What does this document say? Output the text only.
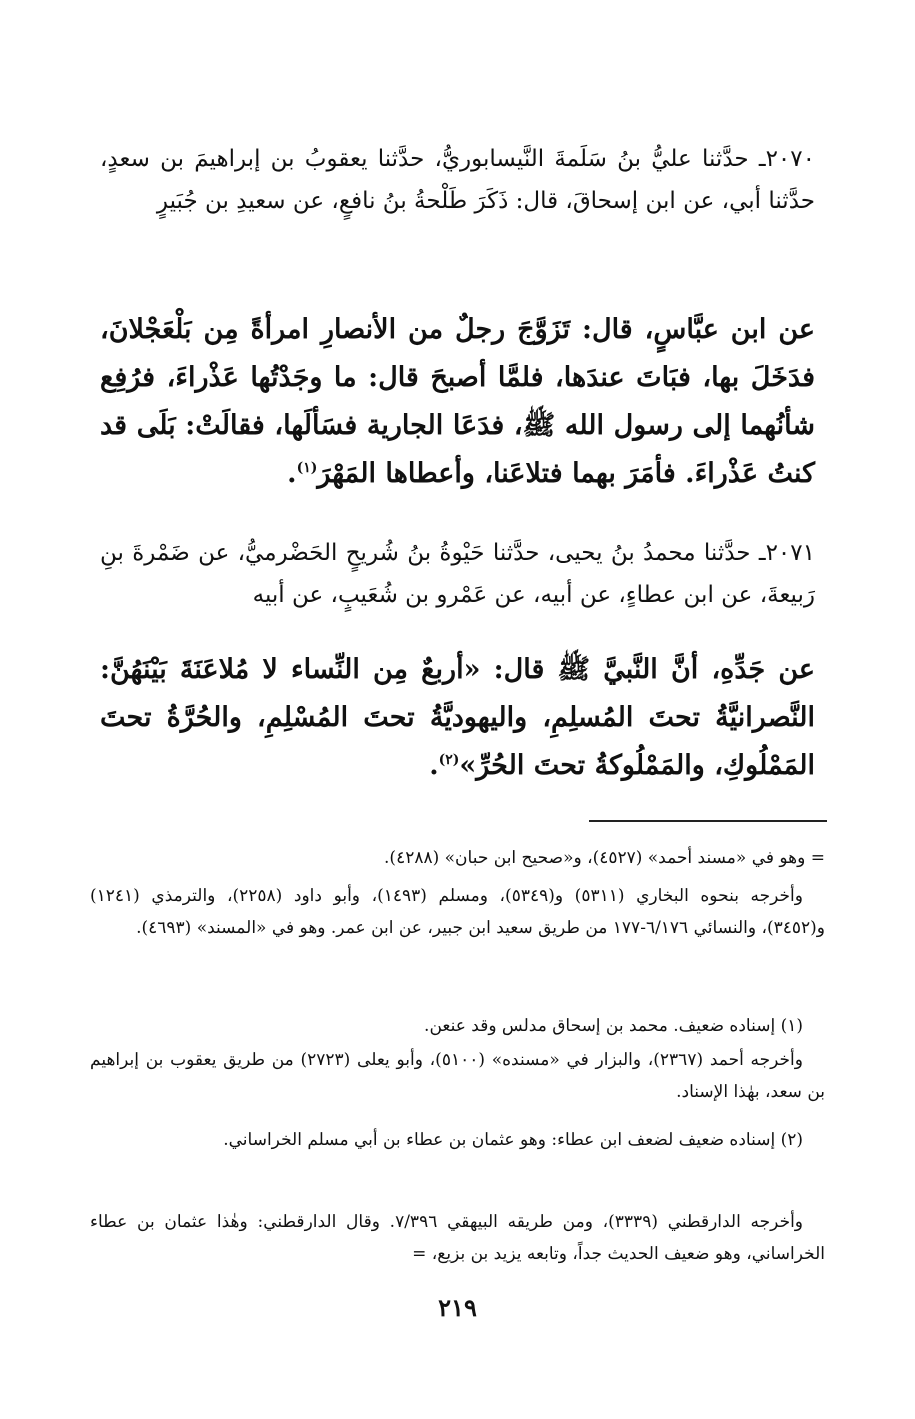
٢٠٧٠ـ حدَّثنا عليُّ بنُ سَلَمةَ النَّيسابوريُّ، حدَّثنا يعقوبُ بن إبراهيمَ بن سعدٍ، حدَّثنا أبي، عن ابن إسحاقَ، قال: ذَكَرَ طَلْحةُ بنُ نافعٍ، عن سعيدِ بن جُبَيرٍ

عن ابن عبَّاسٍ، قال: تَزَوَّجَ رجلٌ من الأنصارِ امرأةً مِن بَلْعَجْلانَ، فدَخَلَ بها، فبَاتَ عندَها، فلمَّا أصبحَ قال: ما وجَدْتُها عَذْراءَ، فرُفِع شأنُهما إلى رسول الله ﷺ، فدَعَا الجارية فسَألَها، فقالَتْ: بَلَى قد كنتُ عَذْراءَ. فأمَرَ بهما فتلاعَنا، وأعطاها المَهْرَ$^{(١)}$.

٢٠٧١ـ حدَّثنا محمدُ بنُ يحيى، حدَّثنا حَيْوةُ بنُ شُريحٍ الحَضْرميُّ، عن ضَمْرةَ بنِ رَبيعةَ، عن ابن عطاءٍ، عن أبيه، عن عَمْرو بن شُعَيبٍ، عن أبيه

عن جَدِّهِ، أنَّ النَّبيَّ ﷺ قال: «أربعٌ مِن النِّساء لا مُلاعَنَةَ بَيْنَهُنَّ: النَّصرانيَّةُ تحتَ المُسلِمِ، واليهوديَّةُ تحتَ المُسْلِمِ، والحُرَّةُ تحتَ المَمْلُوكِ، والمَمْلُوكةُ تحتَ الحُرِّ»$^{(٢)}$.

= وهو في «مسند أحمد» (٤٥٢٧)، و«صحيح ابن حبان» (٤٢٨٨).

وأخرجه بنحوه البخاري (٥٣١١) و(٥٣٤٩)، ومسلم (١٤٩٣)، وأبو داود (٢٢٥٨)، والترمذي (١٢٤١) و(٣٤٥٢)، والنسائي ٦/١٧٦-١٧٧ من طريق سعيد ابن جبير، عن ابن عمر. وهو في «المسند» (٤٦٩٣).

(١) إسناده ضعيف. محمد بن إسحاق مدلس وقد عنعن.

وأخرجه أحمد (٢٣٦٧)، والبزار في «مسنده» (٥١٠٠)، وأبو يعلى (٢٧٢٣) من طريق يعقوب بن إبراهيم بن سعد، بهٰذا الإسناد.

(٢) إسناده ضعيف لضعف ابن عطاء: وهو عثمان بن عطاء بن أبي مسلم الخراساني.

وأخرجه الدارقطني (٣٣٣٩)، ومن طريقه البيهقي ٧/٣٩٦. وقال الدارقطني: وهٰذا عثمان بن عطاء الخراساني، وهو ضعيف الحديث جداً، وتابعه يزيد بن بزيع، =

٢١٩
